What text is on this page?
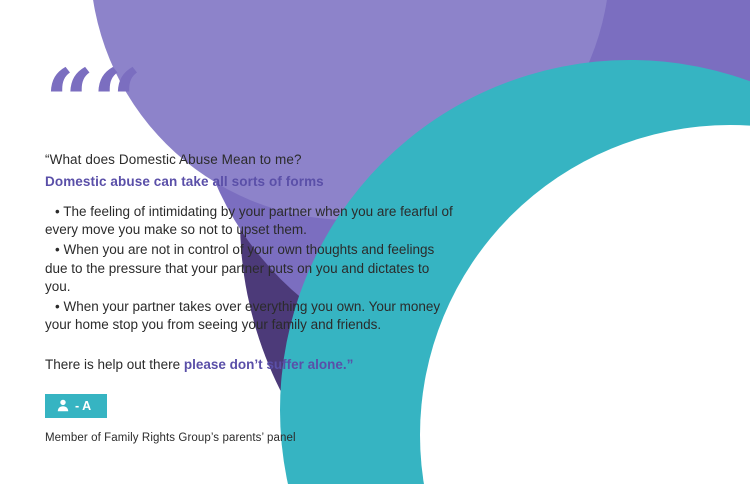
““
“What does Domestic Abuse Mean to me?
Domestic abuse can take all sorts of forms
• The feeling of intimidating by your partner when you are fearful of every move you make so not to upset them.
• When you are not in control of your own thoughts and feelings due to the pressure that your partner puts on you and dictates to you.
• When your partner takes over everything you own. Your money your home stop you from seeing your family and friends.
There is help out there please don’t suffer alone.”
- A
Member of Family Rights Group’s parents’ panel
